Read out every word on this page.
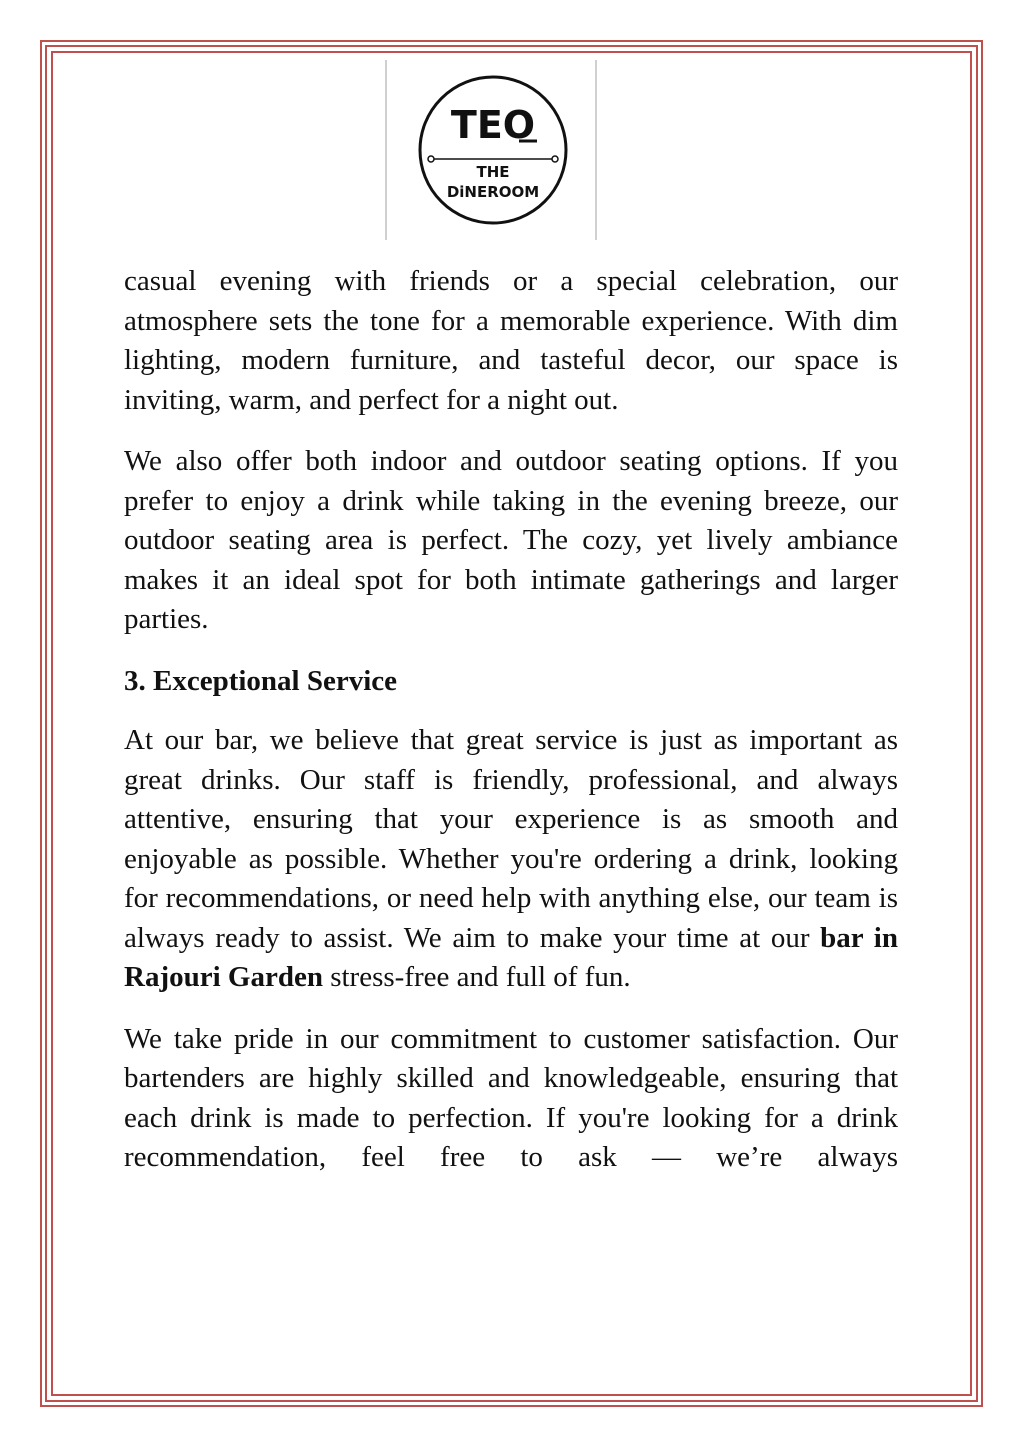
TEO
THE
DiNEROOM

casual evening with friends or a special celebration, our atmosphere sets the tone for a memorable experience. With dim lighting, modern furniture, and tasteful decor, our space is inviting, warm, and perfect for a night out.

We also offer both indoor and outdoor seating options. If you prefer to enjoy a drink while taking in the evening breeze, our outdoor seating area is perfect. The cozy, yet lively ambiance makes it an ideal spot for both intimate gatherings and larger parties.

3. Exceptional Service

At our bar, we believe that great service is just as important as great drinks. Our staff is friendly, professional, and always attentive, ensuring that your experience is as smooth and enjoyable as possible. Whether you're ordering a drink, looking for recommendations, or need help with anything else, our team is always ready to assist. We aim to make your time at our bar in Rajouri Garden stress-free and full of fun.

We take pride in our commitment to customer satisfaction. Our bartenders are highly skilled and knowledgeable, ensuring that each drink is made to perfection. If you're looking for a drink recommendation, feel free to ask — we’re always
